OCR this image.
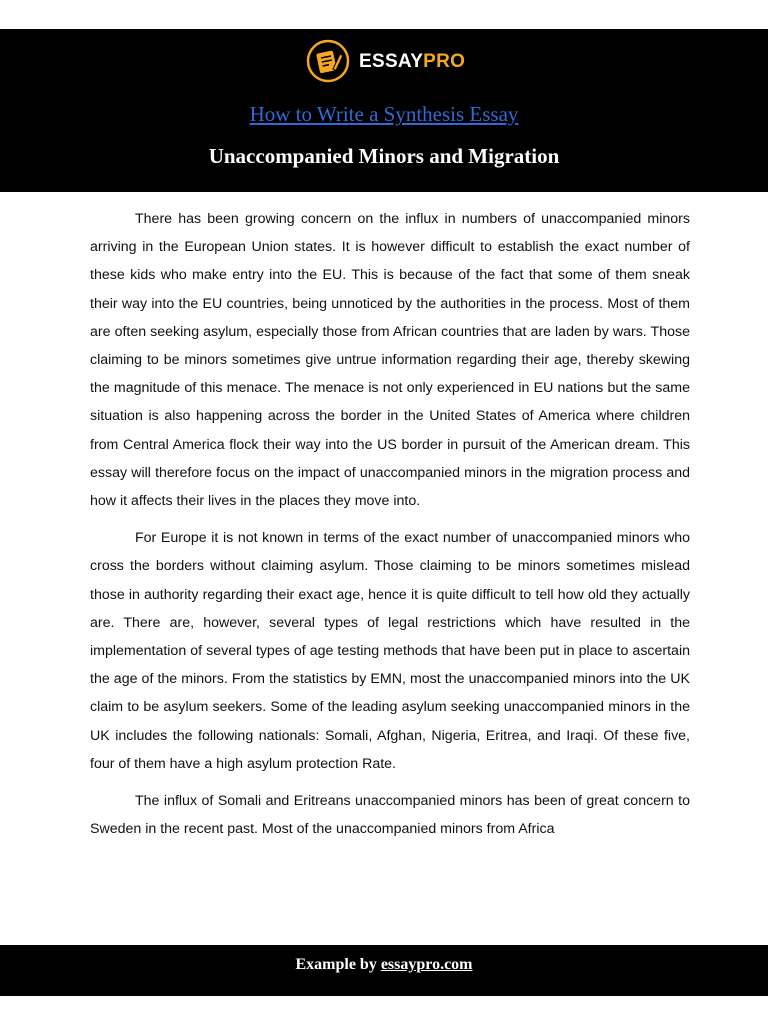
ESSAYPRO
How to Write a Synthesis Essay
Unaccompanied Minors and Migration

There has been growing concern on the influx in numbers of unaccompanied minors arriving in the European Union states. It is however difficult to establish the exact number of these kids who make entry into the EU. This is because of the fact that some of them sneak their way into the EU countries, being unnoticed by the authorities in the process. Most of them are often seeking asylum, especially those from African countries that are laden by wars. Those claiming to be minors sometimes give untrue information regarding their age, thereby skewing the magnitude of this menace. The menace is not only experienced in EU nations but the same situation is also happening across the border in the United States of America where children from Central America flock their way into the US border in pursuit of the American dream. This essay will therefore focus on the impact of unaccompanied minors in the migration process and how it affects their lives in the places they move into.

For Europe it is not known in terms of the exact number of unaccompanied minors who cross the borders without claiming asylum. Those claiming to be minors sometimes mislead those in authority regarding their exact age, hence it is quite difficult to tell how old they actually are. There are, however, several types of legal restrictions which have resulted in the implementation of several types of age testing methods that have been put in place to ascertain the age of the minors. From the statistics by EMN, most the unaccompanied minors into the UK claim to be asylum seekers. Some of the leading asylum seeking unaccompanied minors in the UK includes the following nationals: Somali, Afghan, Nigeria, Eritrea, and Iraqi. Of these five, four of them have a high asylum protection Rate.

The influx of Somali and Eritreans unaccompanied minors has been of great concern to Sweden in the recent past. Most of the unaccompanied minors from Africa

Example by essaypro.com
